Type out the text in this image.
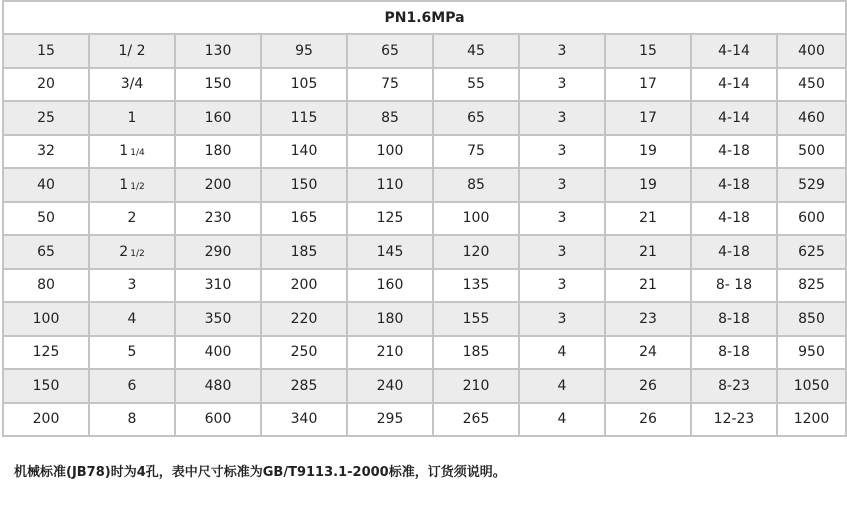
PN1.6MPa									
15	1/ 2	130	95	65	45	3	15	4-14	400
20	3/4	150	105	75	55	3	17	4-14	450
25	1	160	115	85	65	3	17	4-14	460
32	1 1/4	180	140	100	75	3	19	4-18	500
40	1 1/2	200	150	110	85	3	19	4-18	529
50	2	230	165	125	100	3	21	4-18	600
65	2 1/2	290	185	145	120	3	21	4-18	625
80	3	310	200	160	135	3	21	8- 18	825
100	4	350	220	180	155	3	23	8-18	850
125	5	400	250	210	185	4	24	8-18	950
150	6	480	285	240	210	4	26	8-23	1050
200	8	600	340	295	265	4	26	12-23	1200
机械标准(JB78)时为4孔，表中尺寸标准为GB/T9113.1-2000标准，订货须说明。
